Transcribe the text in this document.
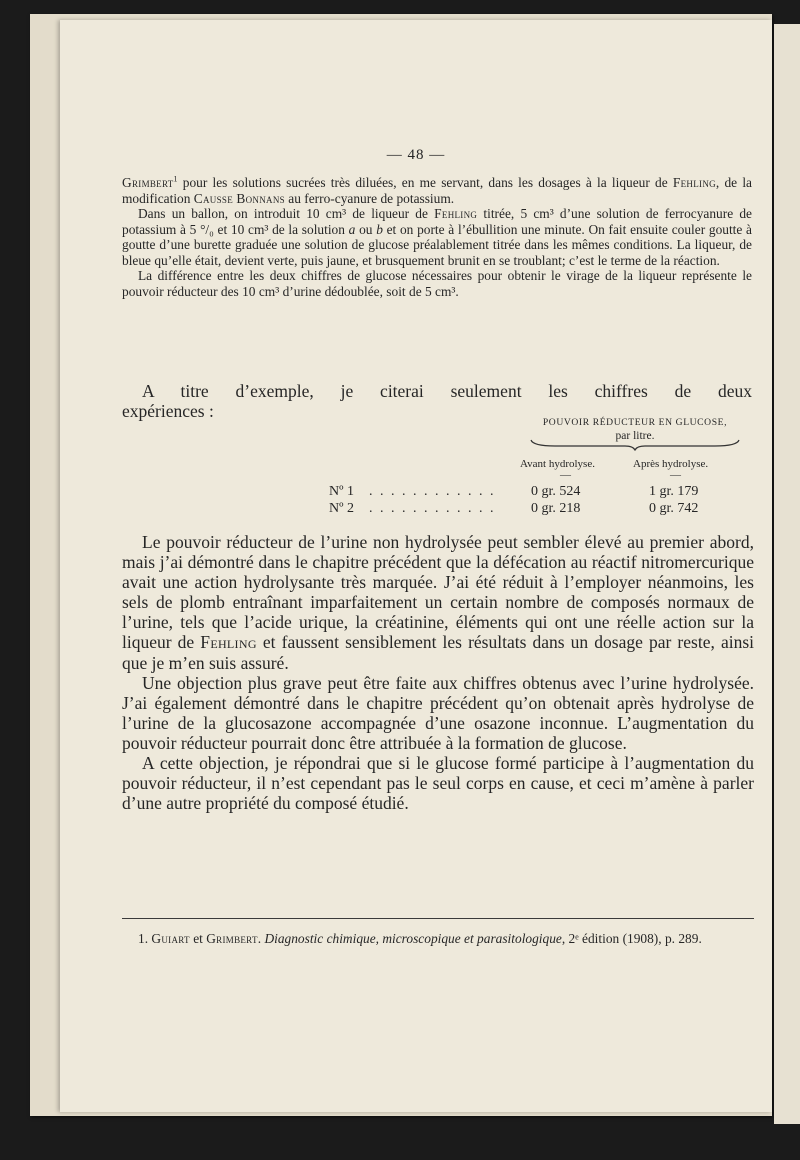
— 48 —

Grimbert$^1$ pour les solutions sucrées très diluées, en me servant, dans les dosages à la liqueur de Fehling, de la modification Causse Bonnans au ferro-cyanure de potassium.

Dans un ballon, on introduit 10 cm³ de liqueur de Fehling titrée, 5 cm³ d’une solution de ferrocyanure de potassium à 5 °/₀ et 10 cm³ de la solution a ou b et on porte à l’ébullition une minute. On fait ensuite couler goutte à goutte d’une burette graduée une solution de glucose préalablement titrée dans les mêmes conditions. La liqueur, de bleue qu’elle était, devient verte, puis jaune, et brusquement brunit en se troublant; c’est le terme de la réaction.

La différence entre les deux chiffres de glucose nécessaires pour obtenir le virage de la liqueur représente le pouvoir réducteur des 10 cm³ d’urine dédoublée, soit de 5 cm³.

A titre d’exemple, je citerai seulement les chiffres de deux

expériences :

POUVOIR RÉDUCTEUR EN GLUCOSE,
par litre.
Avant hydrolyse.	Après hydrolyse.
—	—
Nº 1 . . . . . . . . . . . .	0 gr. 524	1 gr. 179
Nº 2 . . . . . . . . . . . .	0 gr. 218	0 gr. 742

Le pouvoir réducteur de l’urine non hydrolysée peut sembler élevé au premier abord, mais j’ai démontré dans le chapitre précédent que la défécation au réactif nitromercurique avait une action hydrolysante très marquée. J’ai été réduit à l’employer néanmoins, les sels de plomb entraînant imparfaitement un certain nombre de composés normaux de l’urine, tels que l’acide urique, la créatinine, éléments qui ont une réelle action sur la liqueur de Fehling et faussent sensiblement les résultats dans un dosage par reste, ainsi que je m’en suis assuré.

Une objection plus grave peut être faite aux chiffres obtenus avec l’urine hydrolysée. J’ai également démontré dans le chapitre précédent qu’on obtenait après hydrolyse de l’urine de la glucosazone accompagnée d’une osazone inconnue. L’augmentation du pouvoir réducteur pourrait donc être attribuée à la formation de glucose.

A cette objection, je répondrai que si le glucose formé participe à l’augmentation du pouvoir réducteur, il n’est cependant pas le seul corps en cause, et ceci m’amène à parler d’une autre propriété du composé étudié.

1. Guiart et Grimbert. Diagnostic chimique, microscopique et parasitologique, 2ᵉ édition (1908), p. 289.
